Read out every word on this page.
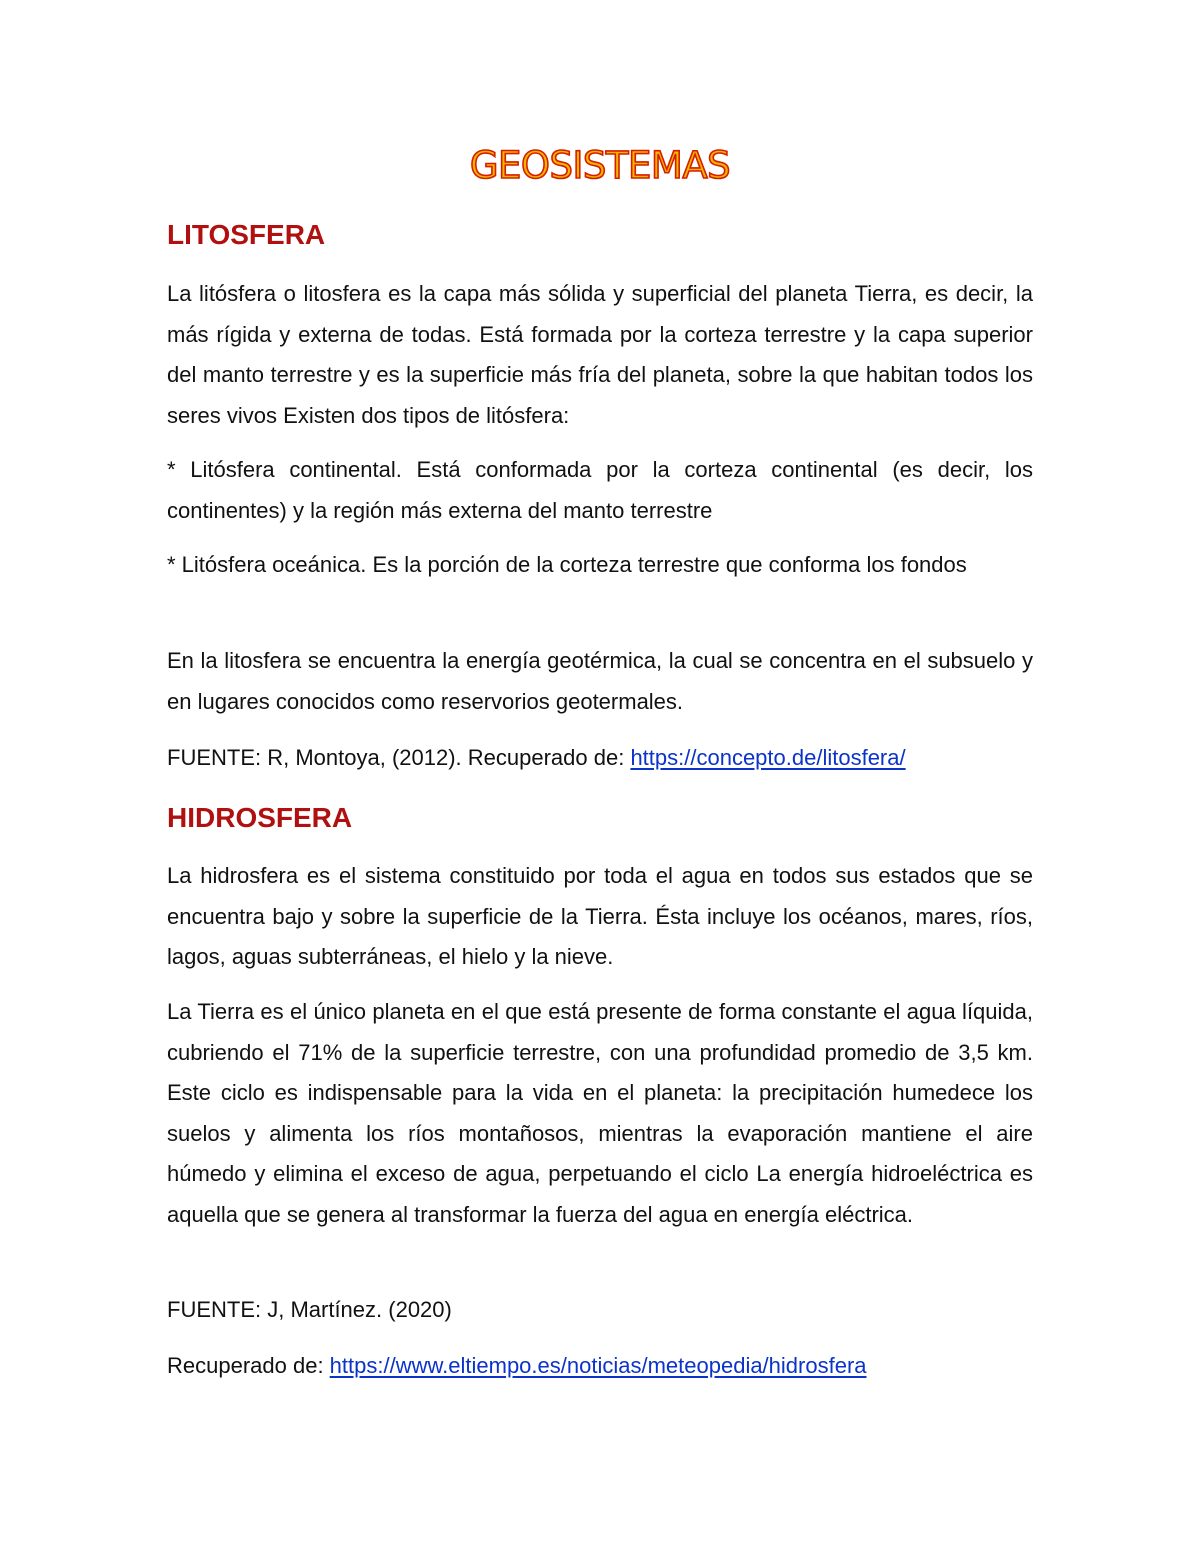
GEOSISTEMAS
LITOSFERA

La litósfera o litosfera es la capa más sólida y superficial del planeta Tierra, es decir, la más rígida y externa de todas. Está formada por la corteza terrestre y la capa superior del manto terrestre y es la superficie más fría del planeta, sobre la que habitan todos los seres vivos Existen dos tipos de litósfera:

* Litósfera continental. Está conformada por la corteza continental (es decir, los continentes) y la región más externa del manto terrestre

* Litósfera oceánica. Es la porción de la corteza terrestre que conforma los fondos

En la litosfera se encuentra la energía geotérmica, la cual se concentra en el subsuelo y en lugares conocidos como reservorios geotermales.

FUENTE: R, Montoya, (2012). Recuperado de: https://concepto.de/litosfera/

HIDROSFERA

La hidrosfera es el sistema constituido por toda el agua en todos sus estados que se encuentra bajo y sobre la superficie de la Tierra. Ésta incluye los océanos, mares, ríos, lagos, aguas subterráneas, el hielo y la nieve.

La Tierra es el único planeta en el que está presente de forma constante el agua líquida, cubriendo el 71% de la superficie terrestre, con una profundidad promedio de 3,5 km. Este ciclo es indispensable para la vida en el planeta: la precipitación humedece los suelos y alimenta los ríos montañosos, mientras la evaporación mantiene el aire húmedo y elimina el exceso de agua, perpetuando el ciclo La energía hidroeléctrica es aquella que se genera al transformar la fuerza del agua en energía eléctrica.

FUENTE: J, Martínez. (2020)

Recuperado de: https://www.eltiempo.es/noticias/meteopedia/hidrosfera
